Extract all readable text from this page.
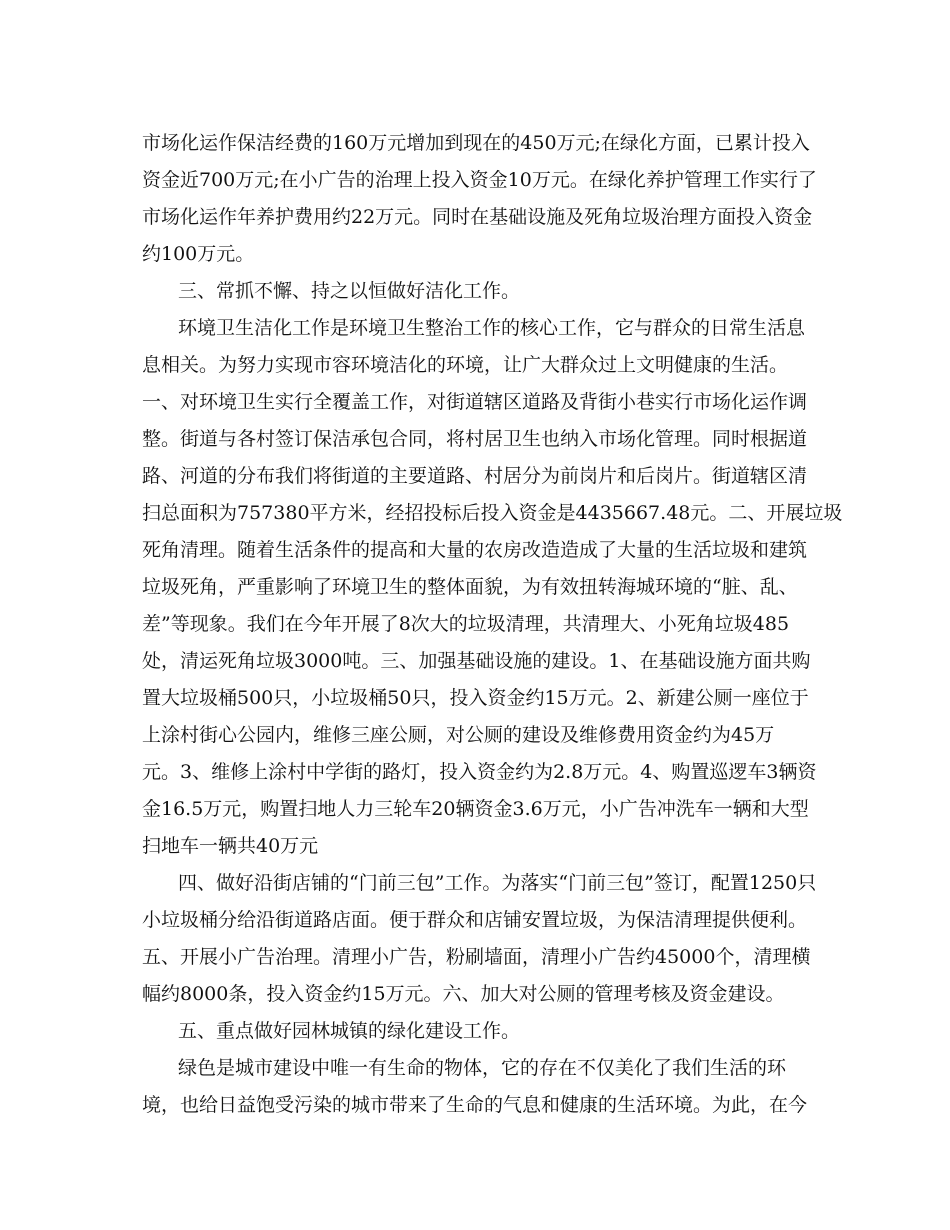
市场化运作保洁经费的160万元增加到现在的450万元;在绿化方面，已累计投入
资金近700万元;在小广告的治理上投入资金10万元。在绿化养护管理工作实行了
市场化运作年养护费用约22万元。同时在基础设施及死角垃圾治理方面投入资金
约100万元。
三、常抓不懈、持之以恒做好洁化工作。
环境卫生洁化工作是环境卫生整治工作的核心工作，它与群众的日常生活息
息相关。为努力实现市容环境洁化的环境，让广大群众过上文明健康的生活。
一、对环境卫生实行全覆盖工作，对街道辖区道路及背街小巷实行市场化运作调
整。街道与各村签订保洁承包合同，将村居卫生也纳入市场化管理。同时根据道
路、河道的分布我们将街道的主要道路、村居分为前岗片和后岗片。街道辖区清
扫总面积为757380平方米，经招投标后投入资金是4435667.48元。二、开展垃圾
死角清理。随着生活条件的提高和大量的农房改造造成了大量的生活垃圾和建筑
垃圾死角，严重影响了环境卫生的整体面貌，为有效扭转海城环境的“脏、乱、
差”等现象。我们在今年开展了8次大的垃圾清理，共清理大、小死角垃圾485
处，清运死角垃圾3000吨。三、加强基础设施的建设。1、在基础设施方面共购
置大垃圾桶500只，小垃圾桶50只，投入资金约15万元。2、新建公厕一座位于
上涂村街心公园内，维修三座公厕，对公厕的建设及维修费用资金约为45万
元。3、维修上涂村中学街的路灯，投入资金约为2.8万元。4、购置巡逻车3辆资
金16.5万元，购置扫地人力三轮车20辆资金3.6万元，小广告冲洗车一辆和大型
扫地车一辆共40万元
四、做好沿街店铺的“门前三包”工作。为落实“门前三包”签订，配置1250只
小垃圾桶分给沿街道路店面。便于群众和店铺安置垃圾，为保洁清理提供便利。
五、开展小广告治理。清理小广告，粉刷墙面，清理小广告约45000个，清理横
幅约8000条，投入资金约15万元。六、加大对公厕的管理考核及资金建设。
五、重点做好园林城镇的绿化建设工作。
绿色是城市建设中唯一有生命的物体，它的存在不仅美化了我们生活的环
境，也给日益饱受污染的城市带来了生命的气息和健康的生活环境。为此，在今
